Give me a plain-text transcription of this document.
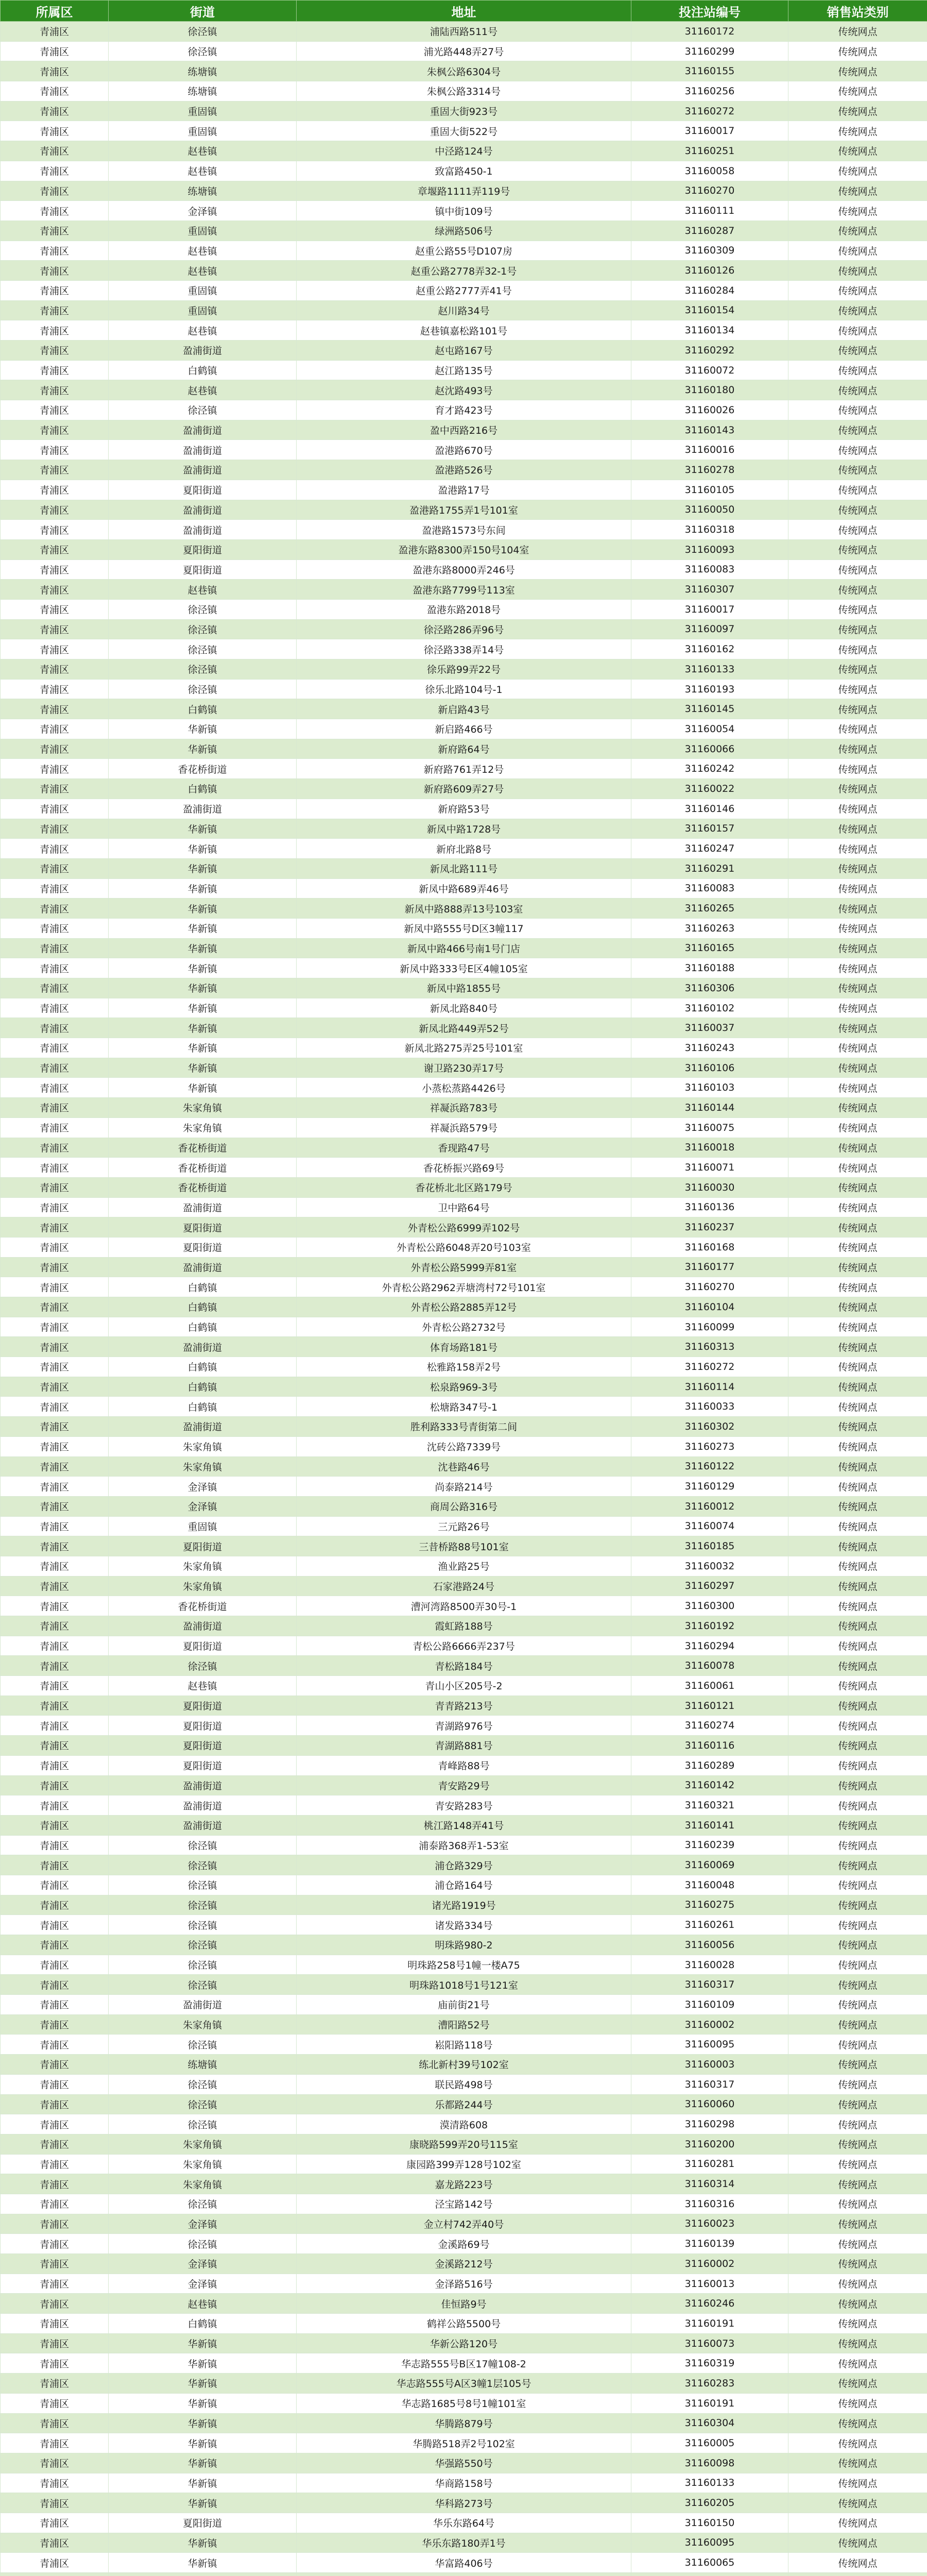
所属区	街道	地址	投注站编号	销售站类别
青浦区	徐泾镇	浦陆西路511号	31160172	传统网点
青浦区	徐泾镇	浦光路448弄27号	31160299	传统网点
青浦区	练塘镇	朱枫公路6304号	31160155	传统网点
青浦区	练塘镇	朱枫公路3314号	31160256	传统网点
青浦区	重固镇	重固大街923号	31160272	传统网点
青浦区	重固镇	重固大街522号	31160017	传统网点
青浦区	赵巷镇	中泾路124号	31160251	传统网点
青浦区	赵巷镇	致富路450-1	31160058	传统网点
青浦区	练塘镇	章堰路1111弄119号	31160270	传统网点
青浦区	金泽镇	镇中街109号	31160111	传统网点
青浦区	重固镇	绿洲路506号	31160287	传统网点
青浦区	赵巷镇	赵重公路55号D107房	31160309	传统网点
青浦区	赵巷镇	赵重公路2778弄32-1号	31160126	传统网点
青浦区	重固镇	赵重公路2777弄41号	31160284	传统网点
青浦区	重固镇	赵川路34号	31160154	传统网点
青浦区	赵巷镇	赵巷镇嘉松路101号	31160134	传统网点
青浦区	盈浦街道	赵屯路167号	31160292	传统网点
青浦区	白鹤镇	赵江路135号	31160072	传统网点
青浦区	赵巷镇	赵沈路493号	31160180	传统网点
青浦区	徐泾镇	育才路423号	31160026	传统网点
青浦区	盈浦街道	盈中西路216号	31160143	传统网点
青浦区	盈浦街道	盈港路670号	31160016	传统网点
青浦区	盈浦街道	盈港路526号	31160278	传统网点
青浦区	夏阳街道	盈港路17号	31160105	传统网点
青浦区	盈浦街道	盈港路1755弄1号101室	31160050	传统网点
青浦区	盈浦街道	盈港路1573号东间	31160318	传统网点
青浦区	夏阳街道	盈港东路8300弄150号104室	31160093	传统网点
青浦区	夏阳街道	盈港东路8000弄246号	31160083	传统网点
青浦区	赵巷镇	盈港东路7799号113室	31160307	传统网点
青浦区	徐泾镇	盈港东路2018号	31160017	传统网点
青浦区	徐泾镇	徐泾路286弄96号	31160097	传统网点
青浦区	徐泾镇	徐泾路338弄14号	31160162	传统网点
青浦区	徐泾镇	徐乐路99弄22号	31160133	传统网点
青浦区	徐泾镇	徐乐北路104号-1	31160193	传统网点
青浦区	白鹤镇	新启路43号	31160145	传统网点
青浦区	华新镇	新启路466号	31160054	传统网点
青浦区	华新镇	新府路64号	31160066	传统网点
青浦区	香花桥街道	新府路761弄12号	31160242	传统网点
青浦区	白鹤镇	新府路609弄27号	31160022	传统网点
青浦区	盈浦街道	新府路53号	31160146	传统网点
青浦区	华新镇	新凤中路1728号	31160157	传统网点
青浦区	华新镇	新府北路8号	31160247	传统网点
青浦区	华新镇	新凤北路111号	31160291	传统网点
青浦区	华新镇	新凤中路689弄46号	31160083	传统网点
青浦区	华新镇	新凤中路888弄13号103室	31160265	传统网点
青浦区	华新镇	新凤中路555号D区3幢117	31160263	传统网点
青浦区	华新镇	新凤中路466号南1号门店	31160165	传统网点
青浦区	华新镇	新凤中路333号E区4幢105室	31160188	传统网点
青浦区	华新镇	新凤中路1855号	31160306	传统网点
青浦区	华新镇	新凤北路840号	31160102	传统网点
青浦区	华新镇	新凤北路449弄52号	31160037	传统网点
青浦区	华新镇	新凤北路275弄25号101室	31160243	传统网点
青浦区	华新镇	谢卫路230弄17号	31160106	传统网点
青浦区	华新镇	小蒸松蒸路4426号	31160103	传统网点
青浦区	朱家角镇	祥凝浜路783号	31160144	传统网点
青浦区	朱家角镇	祥凝浜路579号	31160075	传统网点
青浦区	香花桥街道	香现路47号	31160018	传统网点
青浦区	香花桥街道	香花桥振兴路69号	31160071	传统网点
青浦区	香花桥街道	香花桥北北区路179号	31160030	传统网点
青浦区	盈浦街道	卫中路64号	31160136	传统网点
青浦区	夏阳街道	外青松公路6999弄102号	31160237	传统网点
青浦区	夏阳街道	外青松公路6048弄20号103室	31160168	传统网点
青浦区	盈浦街道	外青松公路5999弄81室	31160177	传统网点
青浦区	白鹤镇	外青松公路2962弄塘湾村72号101室	31160270	传统网点
青浦区	白鹤镇	外青松公路2885弄12号	31160104	传统网点
青浦区	白鹤镇	外青松公路2732号	31160099	传统网点
青浦区	盈浦街道	体育场路181号	31160313	传统网点
青浦区	白鹤镇	松雅路158弄2号	31160272	传统网点
青浦区	白鹤镇	松泉路969-3号	31160114	传统网点
青浦区	白鹤镇	松塘路347号-1	31160033	传统网点
青浦区	盈浦街道	胜利路333号青街第二间	31160302	传统网点
青浦区	朱家角镇	沈砖公路7339号	31160273	传统网点
青浦区	朱家角镇	沈巷路46号	31160122	传统网点
青浦区	金泽镇	尚泰路214号	31160129	传统网点
青浦区	金泽镇	商周公路316号	31160012	传统网点
青浦区	重固镇	三元路26号	31160074	传统网点
青浦区	夏阳街道	三昔桥路88号101室	31160185	传统网点
青浦区	朱家角镇	渔业路25号	31160032	传统网点
青浦区	朱家角镇	石家港路24号	31160297	传统网点
青浦区	香花桥街道	漕河湾路8500弄30号-1	31160300	传统网点
青浦区	盈浦街道	霞虹路188号	31160192	传统网点
青浦区	夏阳街道	青松公路6666弄237号	31160294	传统网点
青浦区	徐泾镇	青松路184号	31160078	传统网点
青浦区	赵巷镇	青山小区205号-2	31160061	传统网点
青浦区	夏阳街道	青青路213号	31160121	传统网点
青浦区	夏阳街道	青湖路976号	31160274	传统网点
青浦区	夏阳街道	青湖路881号	31160116	传统网点
青浦区	夏阳街道	青峰路88号	31160289	传统网点
青浦区	盈浦街道	青安路29号	31160142	传统网点
青浦区	盈浦街道	青安路283号	31160321	传统网点
青浦区	盈浦街道	桃江路148弄41号	31160141	传统网点
青浦区	徐泾镇	浦泰路368弄1-53室	31160239	传统网点
青浦区	徐泾镇	浦仓路329号	31160069	传统网点
青浦区	徐泾镇	浦仓路164号	31160048	传统网点
青浦区	徐泾镇	诸光路1919号	31160275	传统网点
青浦区	徐泾镇	诸发路334号	31160261	传统网点
青浦区	徐泾镇	明珠路980-2	31160056	传统网点
青浦区	徐泾镇	明珠路258号1幢一楼A75	31160028	传统网点
青浦区	徐泾镇	明珠路1018号1号121室	31160317	传统网点
青浦区	盈浦街道	庙前街21号	31160109	传统网点
青浦区	朱家角镇	漕阳路52号	31160002	传统网点
青浦区	徐泾镇	崧阳路118号	31160095	传统网点
青浦区	练塘镇	练北新村39号102室	31160003	传统网点
青浦区	徐泾镇	联民路498号	31160317	传统网点
青浦区	徐泾镇	乐都路244号	31160060	传统网点
青浦区	徐泾镇	漠清路608	31160298	传统网点
青浦区	朱家角镇	康晓路599弄20号115室	31160200	传统网点
青浦区	朱家角镇	康园路399弄128号102室	31160281	传统网点
青浦区	朱家角镇	嘉龙路223号	31160314	传统网点
青浦区	徐泾镇	泾宝路142号	31160316	传统网点
青浦区	金泽镇	金立村742弄40号	31160023	传统网点
青浦区	徐泾镇	金溪路69号	31160139	传统网点
青浦区	金泽镇	金溪路212号	31160002	传统网点
青浦区	金泽镇	金泽路516号	31160013	传统网点
青浦区	赵巷镇	佳恒路9号	31160246	传统网点
青浦区	白鹤镇	鹤祥公路5500号	31160191	传统网点
青浦区	华新镇	华新公路120号	31160073	传统网点
青浦区	华新镇	华志路555号B区17幢108-2	31160319	传统网点
青浦区	华新镇	华志路555号A区3幢1层105号	31160283	传统网点
青浦区	华新镇	华志路1685号8号1幢101室	31160191	传统网点
青浦区	华新镇	华腾路879号	31160304	传统网点
青浦区	华新镇	华腾路518弄2号102室	31160005	传统网点
青浦区	华新镇	华强路550号	31160098	传统网点
青浦区	华新镇	华商路158号	31160133	传统网点
青浦区	华新镇	华科路273号	31160205	传统网点
青浦区	夏阳街道	华乐东路64号	31160150	传统网点
青浦区	华新镇	华乐东路180弄1号	31160095	传统网点
青浦区	华新镇	华富路406号	31160065	传统网点
